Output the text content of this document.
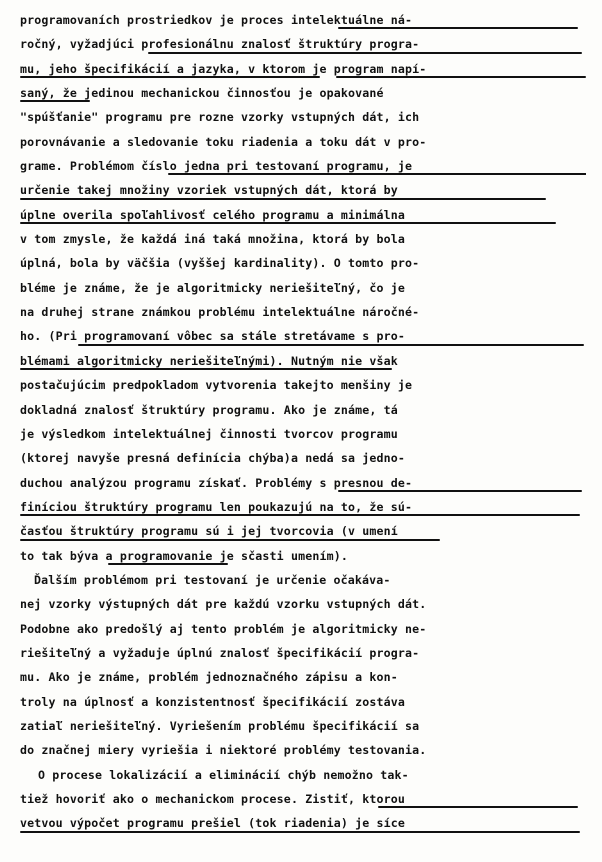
programovaních prostriedkov je proces intelektuálne ná-
ročný, vyžadjúci profesionálnu znalosť štruktúry progra-
mu, jeho špecifikácií a jazyka, v ktorom je program napí-
saný, že jedinou mechanickou činnosťou je opakované
"spúšťanie" programu pre rozne vzorky vstupných dát, ich
porovnávanie a sledovanie toku riadenia a toku dát v pro-
grame. Problémom číslo jedna pri testovaní programu, je
určenie takej množiny vzoriek vstupných dát, ktorá by
úplne overila spoľahlivosť celého programu a minimálna
v tom zmysle, že každá iná taká množina, ktorá by bola
úplná, bola by väčšia (vyššej kardinality). O tomto pro-
bléme je známe, že je algoritmicky neriešiteľný, čo je
na druhej strane známkou problému intelektuálne náročné-
ho. (Pri programovaní vôbec sa stále stretávame s pro-
blémami algoritmicky neriešiteľnými). Nutným nie však
postačujúcim predpokladom vytvorenia takejto menšiny je
dokladná znalosť štruktúry programu. Ako je známe, tá
je výsledkom intelektuálnej činnosti tvorcov programu
(ktorej navyše presná definícia chýba)a nedá sa jedno-
duchou analýzou programu získať. Problémy s presnou de-
finíciou štruktúry programu len poukazujú na to, že sú-
časťou štruktúry programu sú i jej tvorcovia (v umení
to tak býva a programovanie je sčasti umením).
Ďalším problémom pri testovaní je určenie očakáva-
nej vzorky výstupných dát pre každú vzorku vstupných dát.
Podobne ako predošlý aj tento problém je algoritmicky ne-
riešiteľný a vyžaduje úplnú znalosť špecifikácií progra-
mu. Ako je známe, problém jednoznačného zápisu a kon-
troly na úplnosť a konzistentnosť špecifikácií zostáva
zatiaľ neriešiteľný. Vyriešením problému špecifikácií sa
do značnej miery vyriešia i niektoré problémy testovania.
O procese lokalizácií a eliminácií chýb nemožno tak-
tiež hovoriť ako o mechanickom procese. Zistiť, ktorou
vetvou výpočet programu prešiel (tok riadenia) je síce
